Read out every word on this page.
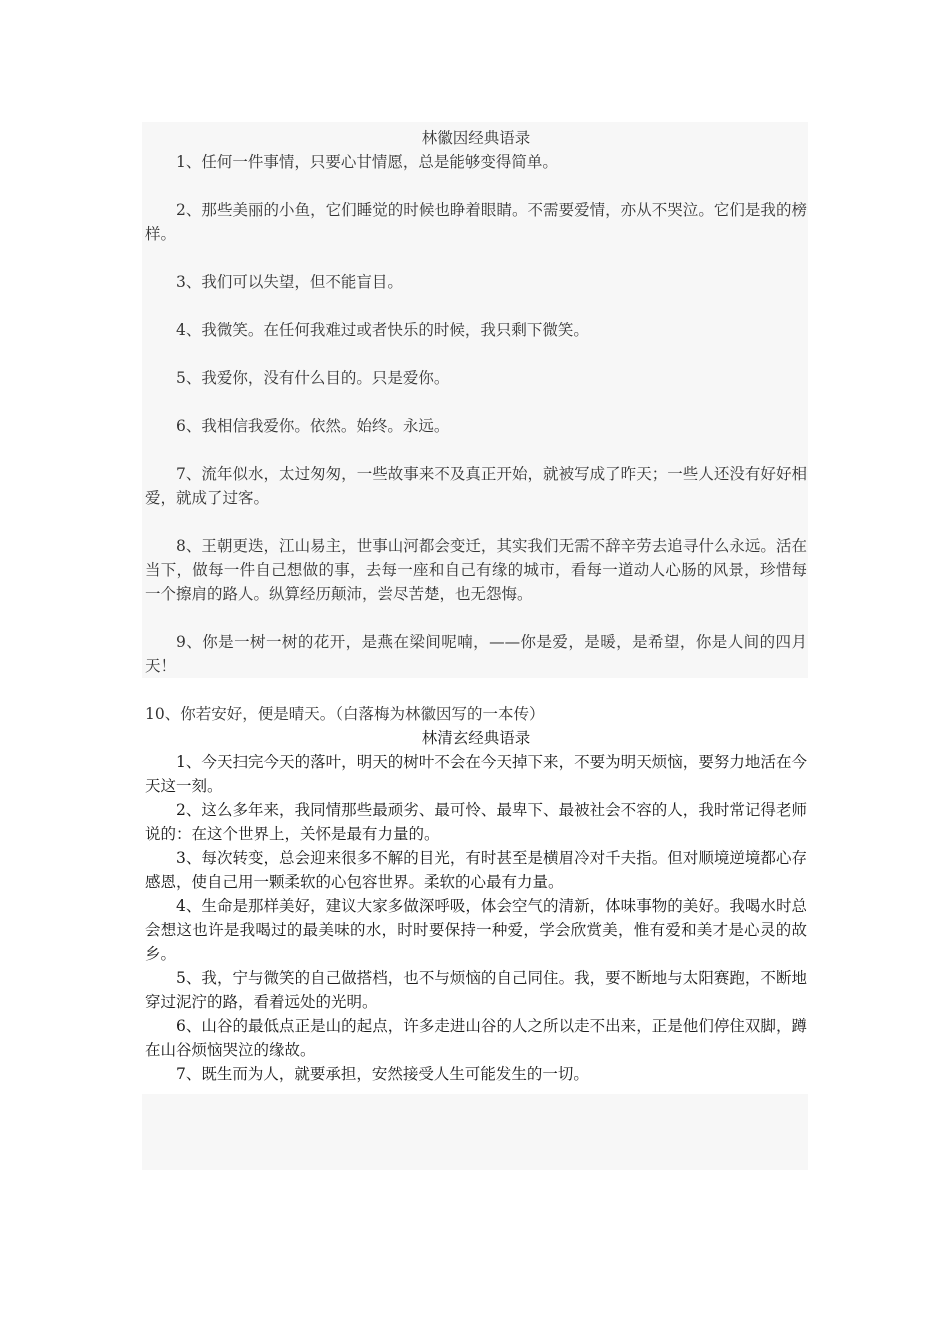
林徽因经典语录

1、任何一件事情，只要心甘情愿，总是能够变得简单。

2、那些美丽的小鱼，它们睡觉的时候也睁着眼睛。不需要爱情，亦从不哭泣。它们是我的榜样。

3、我们可以失望，但不能盲目。

4、我微笑。在任何我难过或者快乐的时候，我只剩下微笑。

5、我爱你，没有什么目的。只是爱你。

6、我相信我爱你。依然。始终。永远。

7、流年似水，太过匆匆，一些故事来不及真正开始，就被写成了昨天；一些人还没有好好相爱，就成了过客。

8、王朝更迭，江山易主，世事山河都会变迁，其实我们无需不辞辛劳去追寻什么永远。活在当下，做每一件自己想做的事，去每一座和自己有缘的城市，看每一道动人心肠的风景，珍惜每一个擦肩的路人。纵算经历颠沛，尝尽苦楚，也无怨悔。

9、你是一树一树的花开，是燕在梁间呢喃，——你是爱，是暖，是希望，你是人间的四月天！

10、你若安好，便是晴天。（白落梅为林徽因写的一本传）

林清玄经典语录

1、今天扫完今天的落叶，明天的树叶不会在今天掉下来，不要为明天烦恼，要努力地活在今天这一刻。

2、这么多年来，我同情那些最顽劣、最可怜、最卑下、最被社会不容的人，我时常记得老师说的：在这个世界上，关怀是最有力量的。

3、每次转变，总会迎来很多不解的目光，有时甚至是横眉冷对千夫指。但对顺境逆境都心存感恩，使自己用一颗柔软的心包容世界。柔软的心最有力量。

4、生命是那样美好，建议大家多做深呼吸，体会空气的清新，体味事物的美好。我喝水时总会想这也许是我喝过的最美味的水，时时要保持一种爱，学会欣赏美，惟有爱和美才是心灵的故乡。

5、我，宁与微笑的自己做搭档，也不与烦恼的自己同住。我，要不断地与太阳赛跑，不断地穿过泥泞的路，看着远处的光明。

6、山谷的最低点正是山的起点，许多走进山谷的人之所以走不出来，正是他们停住双脚，蹲在山谷烦恼哭泣的缘故。

7、既生而为人，就要承担，安然接受人生可能发生的一切。
